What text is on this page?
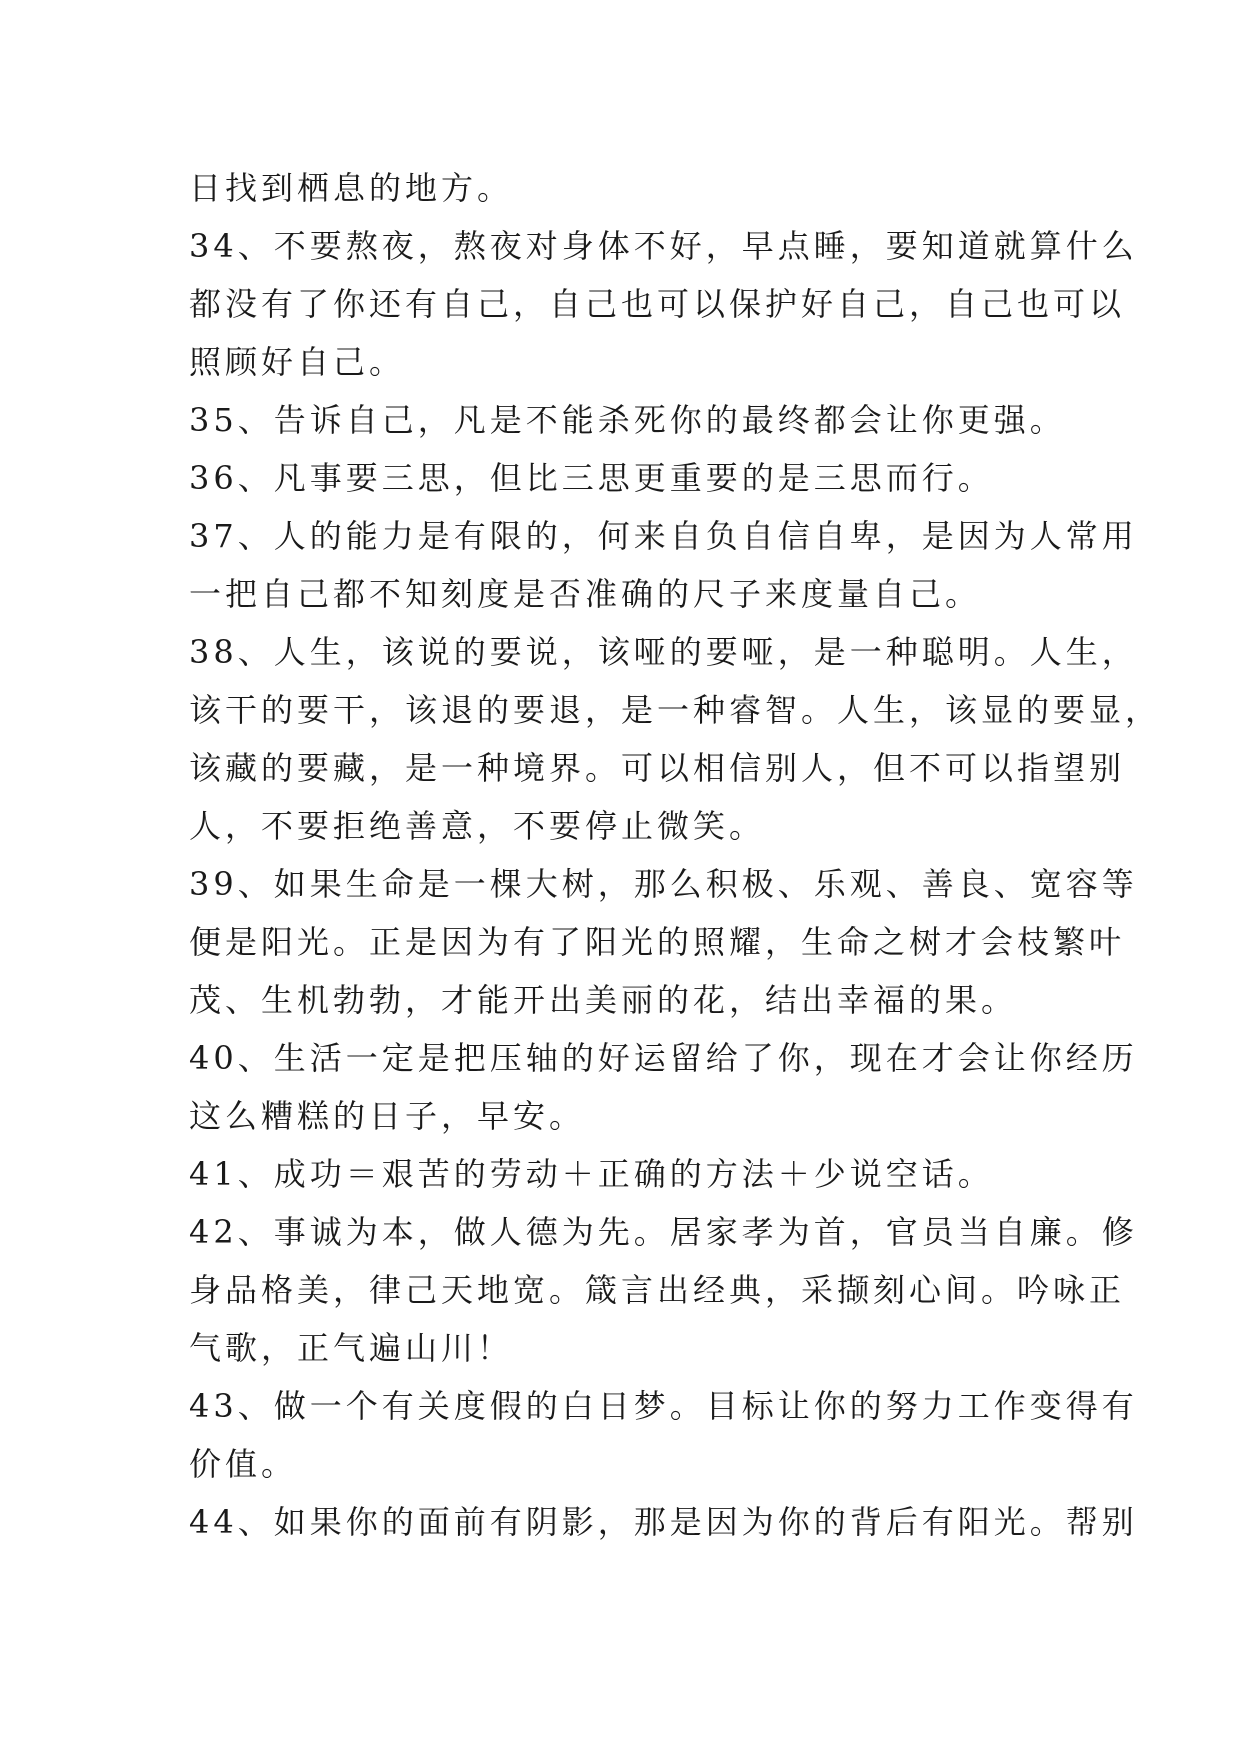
日找到栖息的地方。
34、不要熬夜，熬夜对身体不好，早点睡，要知道就算什么
都没有了你还有自己，自己也可以保护好自己，自己也可以
照顾好自己。
35、告诉自己，凡是不能杀死你的最终都会让你更强。
36、凡事要三思，但比三思更重要的是三思而行。
37、人的能力是有限的，何来自负自信自卑，是因为人常用
一把自己都不知刻度是否准确的尺子来度量自己。
38、人生，该说的要说，该哑的要哑，是一种聪明。人生，
该干的要干，该退的要退，是一种睿智。人生，该显的要显，
该藏的要藏，是一种境界。可以相信别人，但不可以指望别
人，不要拒绝善意，不要停止微笑。
39、如果生命是一棵大树，那么积极、乐观、善良、宽容等
便是阳光。正是因为有了阳光的照耀，生命之树才会枝繁叶
茂、生机勃勃，才能开出美丽的花，结出幸福的果。
40、生活一定是把压轴的好运留给了你，现在才会让你经历
这么糟糕的日子，早安。
41、成功＝艰苦的劳动＋正确的方法＋少说空话。
42、事诚为本，做人德为先。居家孝为首，官员当自廉。修
身品格美，律己天地宽。箴言出经典，采撷刻心间。吟咏正
气歌，正气遍山川！
43、做一个有关度假的白日梦。目标让你的努力工作变得有
价值。
44、如果你的面前有阴影，那是因为你的背后有阳光。帮别
